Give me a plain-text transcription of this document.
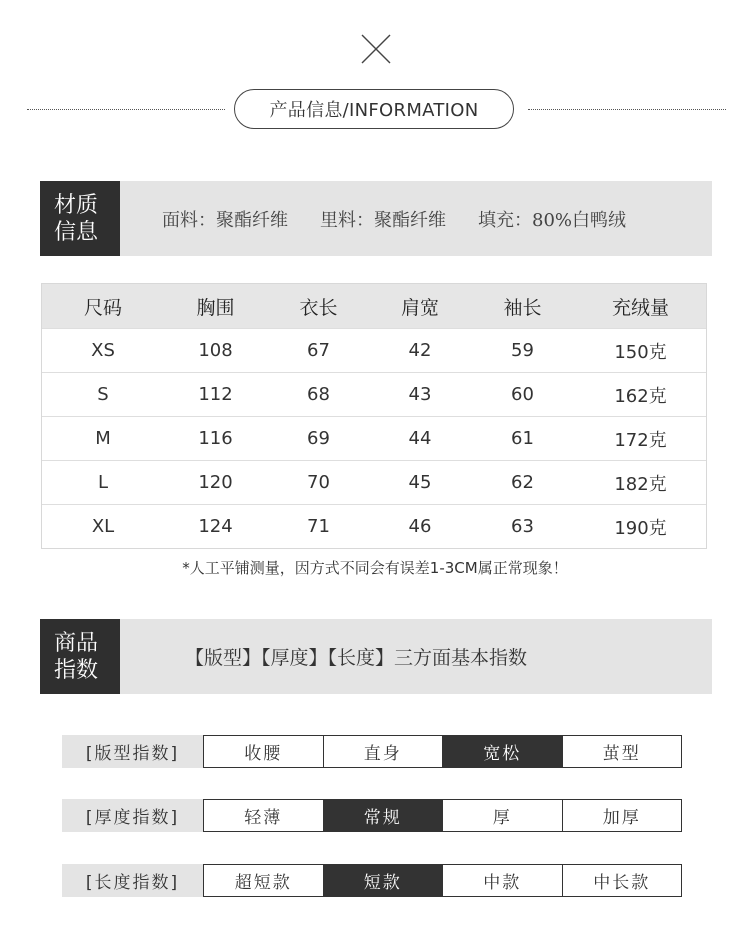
产品信息/INFORMATION
材质
信息	面料：聚酯纤维 里料：聚酯纤维 填充：80%白鸭绒
尺码	胸围	衣长	肩宽	袖长	充绒量
XS	108	67	42	59	150克
S	112	68	43	60	162克
M	116	69	44	61	172克
L	120	70	45	62	182克
XL	124	71	46	63	190克
*人工平铺测量，因方式不同会有误差1-3CM属正常现象！
商品
指数	【版型】【厚度】【长度】三方面基本指数
[版型指数]	收腰	直身	宽松	茧型
[厚度指数]	轻薄	常规	厚	加厚
[长度指数]	超短款	短款	中款	中长款
